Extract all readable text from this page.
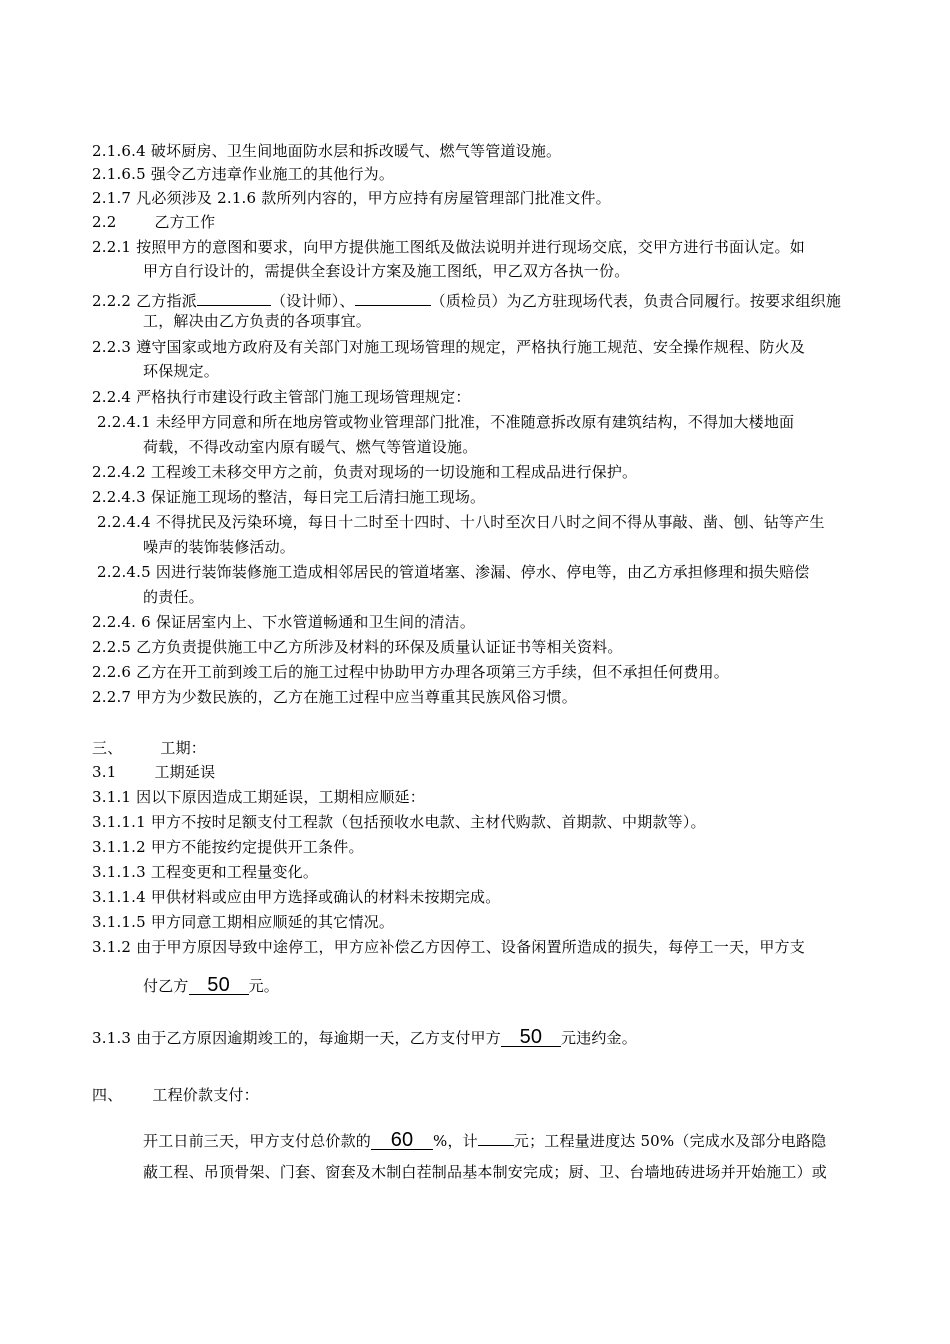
2.1.6.4 破坏厨房、卫生间地面防水层和拆改暖气、燃气等管道设施。
2.1.6.5 强令乙方违章作业施工的其他行为。
2.1.7 凡必须涉及 2.1.6 款所列内容的，甲方应持有房屋管理部门批准文件。
2.2	乙方工作
2.2.1 按照甲方的意图和要求，向甲方提供施工图纸及做法说明并进行现场交底，交甲方进行书面认定。如
甲方自行设计的，需提供全套设计方案及施工图纸，甲乙双方各执一份。
2.2.2 乙方指派	（设计师）、	（质检员）为乙方驻现场代表，负责合同履行。按要求组织施
工，解决由乙方负责的各项事宜。
2.2.3 遵守国家或地方政府及有关部门对施工现场管理的规定，严格执行施工规范、安全操作规程、防火及
环保规定。
2.2.4 严格执行市建设行政主管部门施工现场管理规定：
2.2.4.1 未经甲方同意和所在地房管或物业管理部门批准，不准随意拆改原有建筑结构，不得加大楼地面
荷载，不得改动室内原有暖气、燃气等管道设施。
2.2.4.2 工程竣工未移交甲方之前，负责对现场的一切设施和工程成品进行保护。
2.2.4.3 保证施工现场的整洁，每日完工后清扫施工现场。
2.2.4.4 不得扰民及污染环境，每日十二时至十四时、十八时至次日八时之间不得从事敲、凿、刨、钻等产生
噪声的装饰装修活动。
2.2.4.5 因进行装饰装修施工造成相邻居民的管道堵塞、渗漏、停水、停电等，由乙方承担修理和损失赔偿
的责任。
2.2.4. 6 保证居室内上、下水管道畅通和卫生间的清洁。
2.2.5 乙方负责提供施工中乙方所涉及材料的环保及质量认证证书等相关资料。
2.2.6 乙方在开工前到竣工后的施工过程中协助甲方办理各项第三方手续，但不承担任何费用。
2.2.7 甲方为少数民族的，乙方在施工过程中应当尊重其民族风俗习惯。
三、	工期：
3.1	工期延误
3.1.1 因以下原因造成工期延误，工期相应顺延：
3.1.1.1 甲方不按时足额支付工程款（包括预收水电款、主材代购款、首期款、中期款等）。
3.1.1.2 甲方不能按约定提供开工条件。
3.1.1.3 工程变更和工程量变化。
3.1.1.4 甲供材料或应由甲方选择或确认的材料未按期完成。
3.1.1.5 甲方同意工期相应顺延的其它情况。
3.1.2 由于甲方原因导致中途停工，甲方应补偿乙方因停工、设备闲置所造成的损失，每停工一天，甲方支
付乙方 50 元。
3.1.3 由于乙方原因逾期竣工的，每逾期一天，乙方支付甲方 50 元违约金。
四、 工程价款支付：
开工日前三天，甲方支付总价款的 60 %，计 元；工程量进度达 50%（完成水及部分电路隐
蔽工程、吊顶骨架、门套、窗套及木制白茬制品基本制安完成；厨、卫、台墙地砖进场并开始施工）或
